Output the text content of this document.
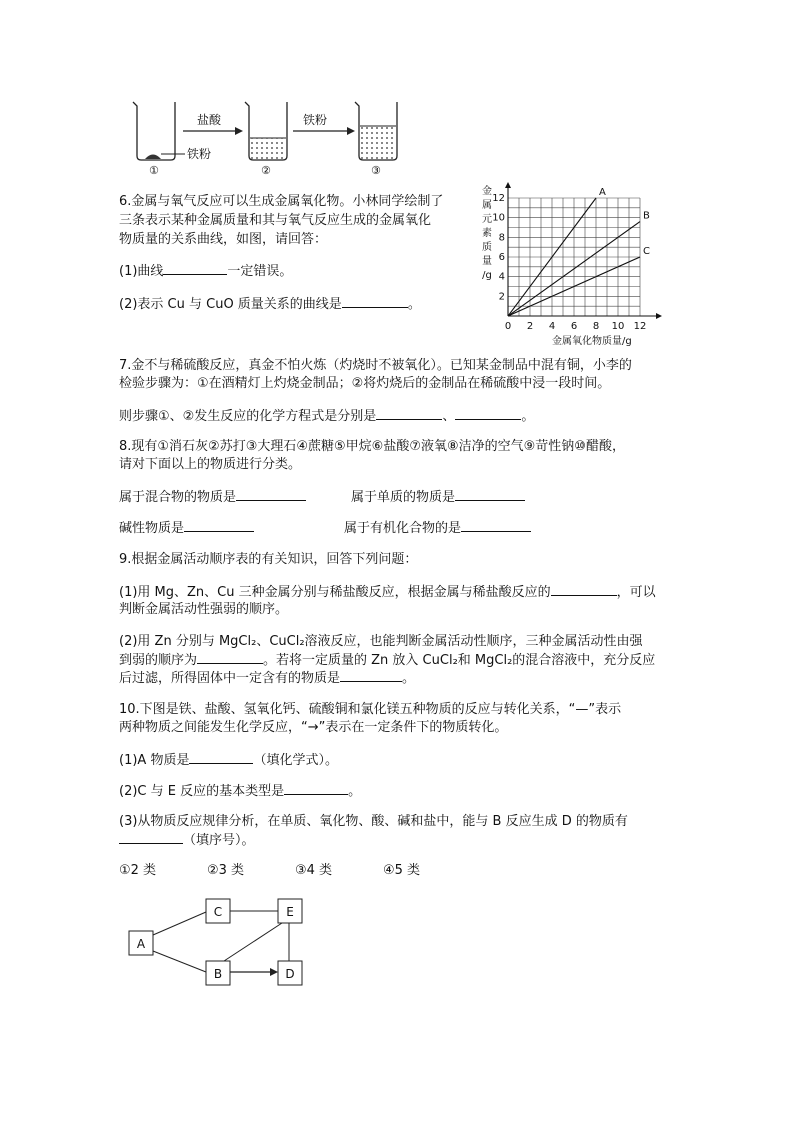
盐酸	铁粉
铁粉
①	②	③
6.金属与氧气反应可以生成金属氧化物。小林同学绘制了
三条表示某种金属质量和其与氧气反应生成的金属氧化
物质量的关系曲线，如图，请回答：
(1)曲线	一定错误。
(2)表示 Cu 与 CuO 质量关系的曲线是	。
金
属
元
素
质
量
/g
0 2 4 6 8 10 12
2
4
6
8
10
12
A
B
C
金属氧化物质量/g
7.金不与稀硫酸反应，真金不怕火炼（灼烧时不被氧化）。已知某金制品中混有铜，小李的
检验步骤为：①在酒精灯上灼烧金制品；②将灼烧后的金制品在稀硫酸中浸一段时间。
则步骤①、②发生反应的化学方程式是分别是	、	。
8.现有①消石灰②苏打③大理石④蔗糖⑤甲烷⑥盐酸⑦液氧⑧洁净的空气⑨苛性钠⑩醋酸，
请对下面以上的物质进行分类。
属于混合物的物质是	属于单质的物质是
碱性物质是	属于有机化合物的是
9.根据金属活动顺序表的有关知识，回答下列问题：
(1)用 Mg、Zn、Cu 三种金属分别与稀盐酸反应，根据金属与稀盐酸反应的	，可以
判断金属活动性强弱的顺序。
(2)用 Zn 分别与 MgCl₂、CuCl₂溶液反应，也能判断金属活动性顺序，三种金属活动性由强
到弱的顺序为	。若将一定质量的 Zn 放入 CuCl₂和 MgCl₂的混合溶液中，充分反应
后过滤，所得固体中一定含有的物质是	。
10.下图是铁、盐酸、氢氧化钙、硫酸铜和氯化镁五种物质的反应与转化关系，“—”表示
两种物质之间能发生化学反应，“→”表示在一定条件下的物质转化。
(1)A 物质是	（填化学式）。
(2)C 与 E 反应的基本类型是	。
(3)从物质反应规律分析，在单质、氧化物、酸、碱和盐中，能与 B 反应生成 D 的物质有
（填序号）。
①2 类	②3 类	③4 类	④5 类
A
C	E
B	D
